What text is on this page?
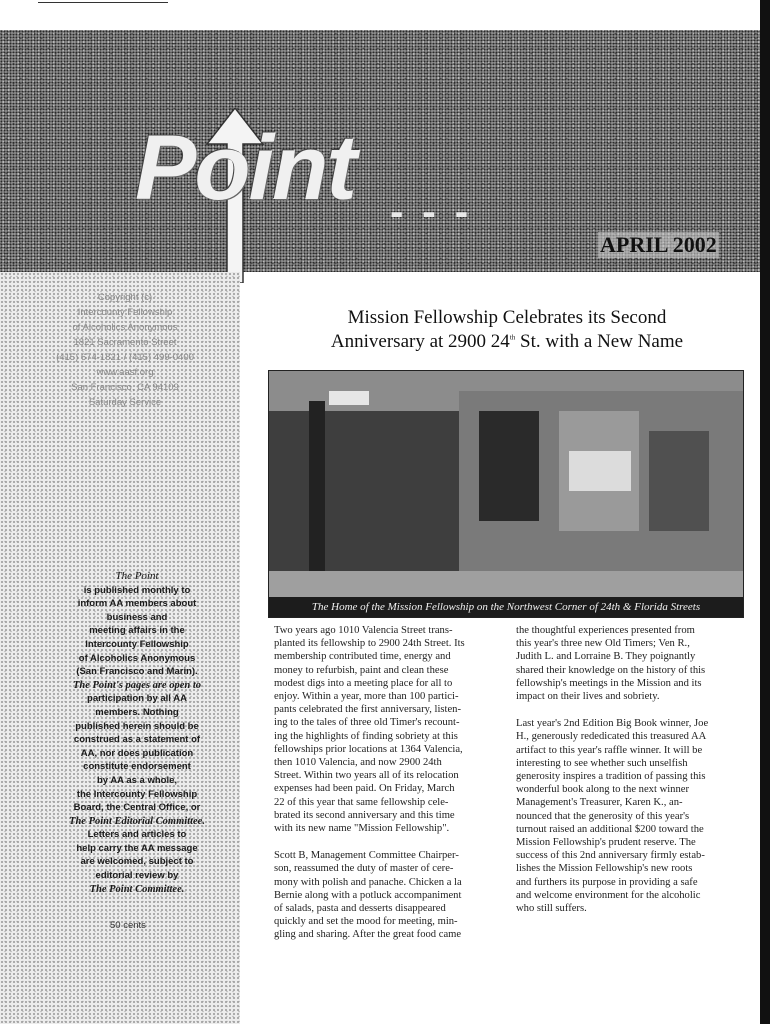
Point - - -
APRIL 2002
Copyright (c)
Intercounty Fellowship
of Alcoholics Anonymous
1821 Sacramento Street
(415) 674-1821 / (415) 499-0400
www.aasf.org
San Francisco, CA 94109
Saturday Service
The Point
is published monthly to
inform AA members about
business and
meeting affairs in the
Intercounty Fellowship
of Alcoholics Anonymous
(San Francisco and Marin).
The Point's pages are open to
participation by all AA
members. Nothing
published herein should be
construed as a statement of
AA, nor does publication
constitute endorsement
by AA as a whole,
the Intercounty Fellowship
Board, the Central Office, or
The Point Editorial Committee.
Letters and articles to
help carry the AA message
are welcomed, subject to
editorial review by
The Point Committee.
50 cents
Mission Fellowship Celebrates its Second
Anniversary at 2900 24th St. with a New Name
The Home of the Mission Fellowship on the Northwest Corner of 24th & Florida Streets
Two years ago 1010 Valencia Street trans-
planted its fellowship to 2900 24th Street. Its
membership contributed time, energy and
money to refurbish, paint and clean these
modest digs into a meeting place for all to
enjoy. Within a year, more than 100 partici-
pants celebrated the first anniversary, listen-
ing to the tales of three old Timer's recount-
ing the highlights of finding sobriety at this
fellowships prior locations at 1364 Valencia,
then 1010 Valencia, and now 2900 24th
Street. Within two years all of its relocation
expenses had been paid. On Friday, March
22 of this year that same fellowship cele-
brated its second anniversary and this time
with its new name "Mission Fellowship".
Scott B, Management Committee Chairper-
son, reassumed the duty of master of cere-
mony with polish and panache. Chicken a la
Bernie along with a potluck accompaniment
of salads, pasta and desserts disappeared
quickly and set the mood for meeting, min-
gling and sharing. After the great food came
the thoughtful experiences presented from
this year's three new Old Timers; Ven R.,
Judith L. and Lorraine B. They poignantly
shared their knowledge on the history of this
fellowship's meetings in the Mission and its
impact on their lives and sobriety.
Last year's 2nd Edition Big Book winner, Joe
H., generously rededicated this treasured AA
artifact to this year's raffle winner. It will be
interesting to see whether such unselfish
generosity inspires a tradition of passing this
wonderful book along to the next winner
Management's Treasurer, Karen K., an-
nounced that the generosity of this year's
turnout raised an additional $200 toward the
Mission Fellowship's prudent reserve. The
success of this 2nd anniversary firmly estab-
lishes the Mission Fellowship's new roots
and furthers its purpose in providing a safe
and welcome environment for the alcoholic
who still suffers.
